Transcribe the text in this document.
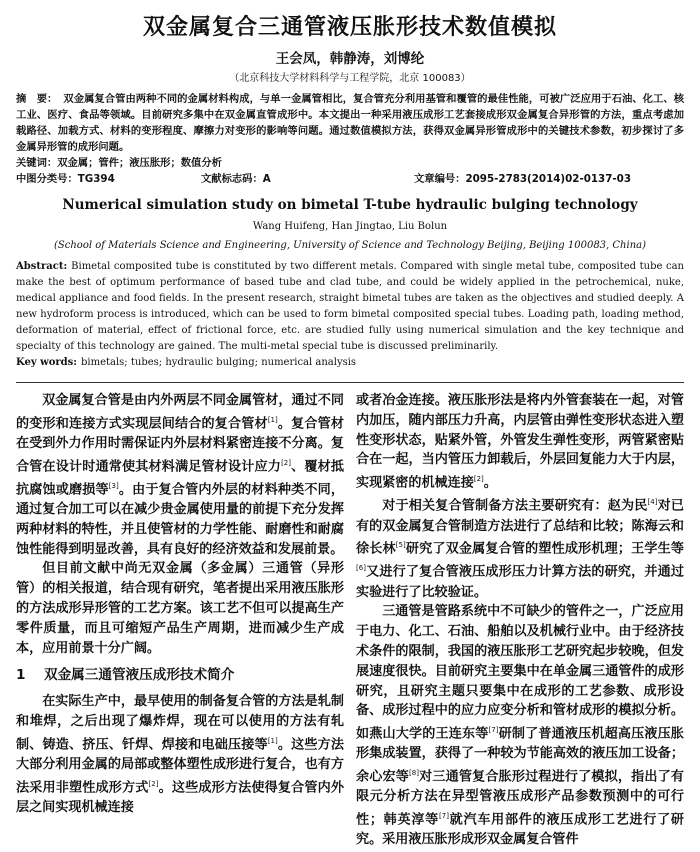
双金属复合三通管液压胀形技术数值模拟
王会凤，韩静涛，刘博纶
（北京科技大学材料科学与工程学院，北京 100083）
摘　要： 双金属复合管由两种不同的金属材料构成，与单一金属管相比，复合管充分利用基管和覆管的最佳性能，可被广泛应用于石油、化工、核工业、医疗、食品等领域。目前研究多集中在双金属直管成形中。本文提出一种采用液压成形工艺套接成形双金属复合异形管的方法，重点考虑加载路径、加载方式、材料的变形程度、摩擦力对变形的影响等问题。通过数值模拟方法，获得双金属异形管成形中的关键技术参数，初步探讨了多金属异形管的成形问题。
关键词：双金属；管件；液压胀形；数值分析
中图分类号：TG394	文献标志码：A	文章编号：2095-2783(2014)02-0137-03
Numerical simulation study on bimetal T-tube hydraulic bulging technology
Wang Huifeng, Han Jingtao, Liu Bolun
(School of Materials Science and Engineering, University of Science and Technology Beijing, Beijing 100083, China)
Abstract: Bimetal composited tube is constituted by two different metals. Compared with single metal tube, composited tube can make the best of optimum performance of based tube and clad tube, and could be widely applied in the petrochemical, nuke, medical appliance and food fields. In the present research, straight bimetal tubes are taken as the objectives and studied deeply. A new hydroform process is introduced, which can be used to form bimetal composited special tubes. Loading path, loading method, deformation of material, effect of frictional force, etc. are studied fully using numerical simulation and the key technique and specialty of this technology are gained. The multi-metal special tube is discussed preliminarily.
Key words: bimetals; tubes; hydraulic bulging; numerical analysis

双金属复合管是由内外两层不同金属管材，通过不同的变形和连接方式实现层间结合的复合管材[1]。复合管材在受到外力作用时需保证内外层材料紧密连接不分离。复合管在设计时通常使其材料满足管材设计应力[2]、覆材抵抗腐蚀或磨损等[3]。由于复合管内外层的材料种类不同，通过复合加工可以在减少贵金属使用量的前提下充分发挥两种材料的特性，并且使管材的力学性能、耐磨性和耐腐蚀性能得到明显改善，具有良好的经济效益和发展前景。

但目前文献中尚无双金属（多金属）三通管（异形管）的相关报道，结合现有研究，笔者提出采用液压胀形的方法成形异形管的工艺方案。该工艺不但可以提高生产零件质量，而且可缩短产品生产周期，进而减少生产成本，应用前景十分广阔。

1 双金属三通管液压成形技术简介

在实际生产中，最早使用的制备复合管的方法是轧制和堆焊，之后出现了爆炸焊，现在可以使用的方法有轧制、铸造、挤压、钎焊、焊接和电础压接等[1]。这些方法大部分利用金属的局部或整体塑性成形进行复合，也有方法采用非塑性成形方式[2]。这些成形方法使得复合管内外层之间实现机械连接

或者冶金连接。液压胀形法是将内外管套装在一起，对管内加压，随内部压力升高，内层管由弹性变形状态进入塑性变形状态，贴紧外管，外管发生弹性变形，两管紧密贴合在一起，当内管压力卸载后，外层回复能力大于内层，实现紧密的机械连接[2]。

对于相关复合管制备方法主要研究有：赵为民[4]对已有的双金属复合管制造方法进行了总结和比较；陈海云和徐长林[5]研究了双金属复合管的塑性成形机理；王学生等[6]又进行了复合管液压成形压力计算方法的研究，并通过实验进行了比较验证。

三通管是管路系统中不可缺少的管件之一，广泛应用于电力、化工、石油、船舶以及机械行业中。由于经济技术条件的限制，我国的液压胀形工艺研究起步较晚，但发展速度很快。目前研究主要集中在单金属三通管件的成形研究，且研究主题只要集中在成形的工艺参数、成形设备、成形过程中的应力应变分析和管材成形的模拟分析。如燕山大学的王连东等[7]研制了普通液压机超高压液压胀形集成装置，获得了一种较为节能高效的液压加工设备；余心宏等[8]对三通管复合胀形过程进行了模拟，指出了有限元分析方法在异型管液压成形产品参数预测中的可行性；韩英淳等[7]就汽车用部件的液压成形工艺进行了研究。采用液压胀形成形双金属复合管件
